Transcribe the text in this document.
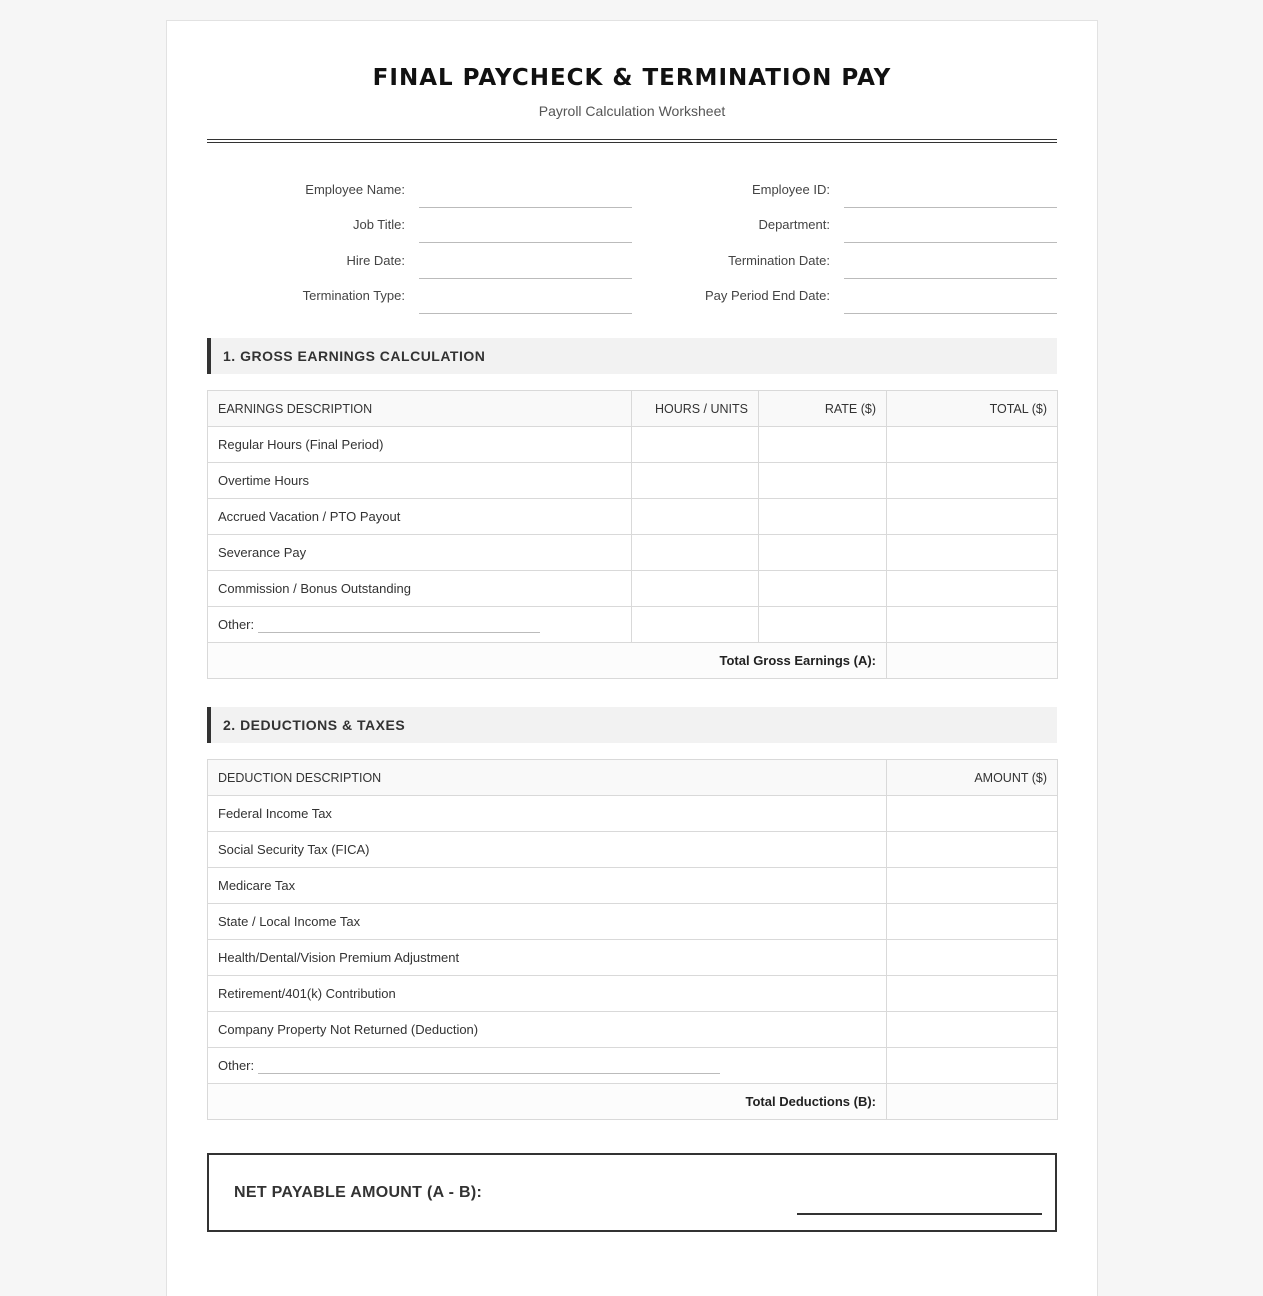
FINAL PAYCHECK & TERMINATION PAY
Payroll Calculation Worksheet
Employee Name:	Employee ID:
Job Title:	Department:
Hire Date:	Termination Date:
Termination Type:	Pay Period End Date:
1. GROSS EARNINGS CALCULATION
EARNINGS DESCRIPTION	HOURS / UNITS	RATE ($)	TOTAL ($)
Regular Hours (Final Period)			
Overtime Hours			
Accrued Vacation / PTO Payout			
Severance Pay			
Commission / Bonus Outstanding			
Other:			
Total Gross Earnings (A):			
2. DEDUCTIONS & TAXES
DEDUCTION DESCRIPTION	AMOUNT ($)
Federal Income Tax	
Social Security Tax (FICA)	
Medicare Tax	
State / Local Income Tax	
Health/Dental/Vision Premium Adjustment	
Retirement/401(k) Contribution	
Company Property Not Returned (Deduction)	
Other:	
Total Deductions (B):	
NET PAYABLE AMOUNT (A - B):
